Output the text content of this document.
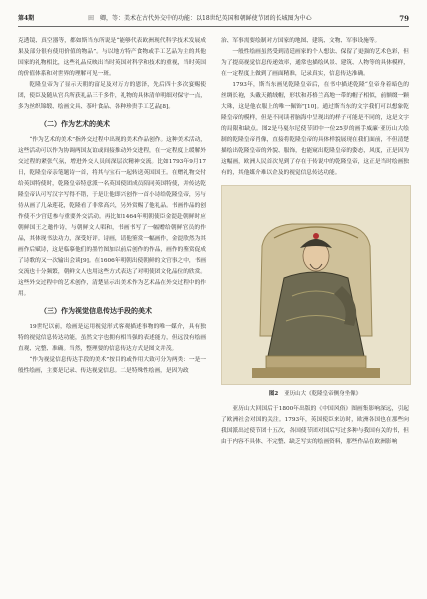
第4期	田　卿，等：美术在古代外交中的功能：以18世纪英国和朝鲜使节团的长城图为中心	79

克透镜、真空器等，都如斯当东所说是“能够代表欧洲现代科学技术发展成果及部分很有使用价值的物品”。与以地方特产食物或手工艺品为主的其他国家的礼物相比，这些礼品反映出当时英国对科学和技术的重视，当时英国的价值体系和对世界的理解可见一斑。

乾隆皇帝为了显示天朝的富足及对万方的恩泽，先后四十多次宴赐使团，使臣及随从官兵所获礼品三千多件，礼物的具体清单明细对保守一点，多为丝织锦缎、绘画文具、茶叶食品、各种珍贵手工艺品[8]。

（二）作为艺术的美术

“作为艺术的美术”指外交过程中出现的美术作品创作。这种美术活动，这些活动可以作为协调两国友谊或间接推动外交进程，在一定程度上缓解外交过程的紧张气氛，增进外交人员间深层次精神交流。比如1793年9月17日，乾隆皇帝亲笔题诗一首，将其与宝石一起转送英国国王。在赠礼物交付给英国特使时，乾隆皇帝特意派一名英国使团成员陪同英国特使，并传达乾隆皇帝认可写汉字写得不错，于是让他即兴创作一首小诗给乾隆皇帝，另与侍从画了几朵莲花，乾隆看了非常高兴，另外赏赐了他礼品。书画作品的创作使不少宫廷参与重要外交活动。再比如1464年明朝使臣金湜赴朝鲜时应朝鲜国王之邀作诗，与朝鲜文人唱和，书画书写了一幅赠给朝鲜官员的作品，其体现书法功力，深受好评。诗画，请他鉴赏一幅画作，金湜欣然为其画作后赋诗，这是临摹他们的墨竹图加以前后创作的作品，画作的鉴赏促成了诗歌的又一次输出会谈[9]。在1606年明朝出使朝鲜的文官事之中，书画交流也十分频繁，朝鲜文人也用这些方式表达了对明使团文化品位的欣赏。这些外交过程中的艺术创作，清楚显示出美术作为艺术品在外交过程中的作用。

（三）作为视觉信息传达手段的美术

19世纪以前，绘画是运用视觉形式客观描述事物的唯一媒介，具有独特的视觉信息传达功能，虽然文字也拥有相当强的表述能力，但远没有绘画直观、完整、准确。当然，整理要的信息传达方式是图文并茂。

“作为视觉信息传达手段的美术”按目的或作用大致可分为两类：一是一般性绘画，主要是记录、传达视觉信息。二是特殊性绘画，是因为政

治、军事需要绘制对方国家的地图、建筑、文物、军事设施等。

一般性绘画虽然受到清廷画家的个人想法、保留了更强的艺术色彩，但为了提高视觉信息传递效率，通常也描绘风景、建筑、人物等的具体模样，在一定程度上做到了画面精准，记录真实，信息传达准确。

1793年，斯当东画见乾隆皇帝后，在书中描述乾隆“皇帝身着暗色的丝绸长袍，头戴天鹅绒帽，形状和苏格兰高地一带的帽子相似，前额缀一颗大珠，这是他衣服上的唯一佩饰”[10]。通过斯当东的文字我们可以想象乾隆皇帝的模样，但是不同读者脑海中呈现出的样子可能是不同的，这是文字的局限和缺点。图2是马戛尔尼使节团中一位25岁的画手威廉·亚历山大绘制的乾隆皇帝肖像，直接将乾隆皇帝的具体样貌展现在我们面前，不但清楚描绘出乾隆皇帝的外貌、服饰，也能窥出乾隆皇帝的姿态，风度，正是因为这幅画，欧洲人民首次见到了存在于传说中的乾隆皇帝，这正是当时绘画独有的，其他媒介难以企及的视觉信息传达功能。

图2 亚历山大《乾隆皇帝侧身坐像》

亚历山大回国后于1800年出版的《中国风俗》图画集影响深远，引起了欧洲社会对国的关注。1793年，英国使臣来访时，欧洲各国也在那些向我国派出过使节团十五次，各国使节团对国后写过多种与我国有关的书，但由于内容不具体、不完整、缺乏写实的绘画资料，那些作品在欧洲影响
